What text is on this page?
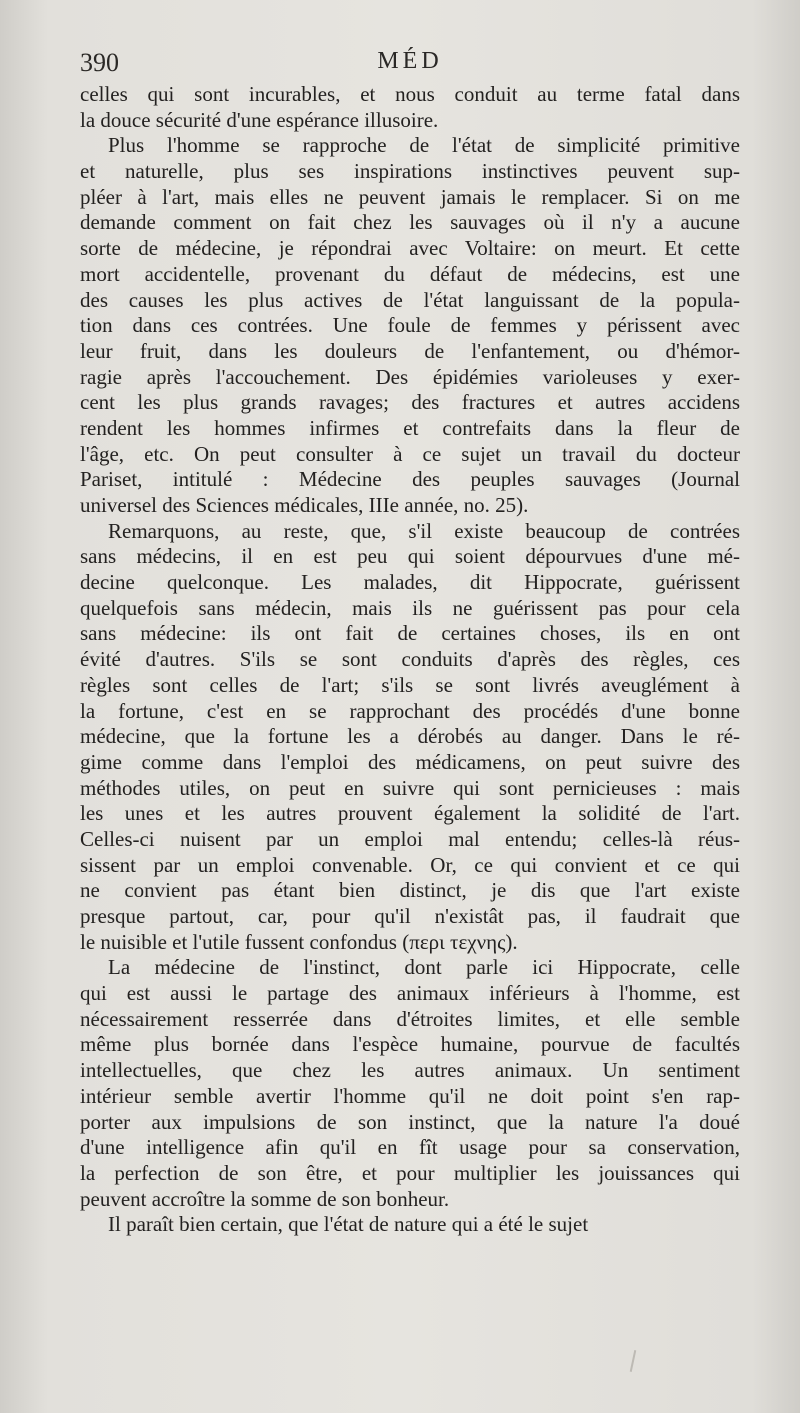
390	MÉD
celles qui sont incurables, et nous conduit au terme fatal dans
la douce sécurité d'une espérance illusoire.
Plus l'homme se rapproche de l'état de simplicité primitive
et naturelle, plus ses inspirations instinctives peuvent sup-
pléer à l'art, mais elles ne peuvent jamais le remplacer. Si on me
demande comment on fait chez les sauvages où il n'y a aucune
sorte de médecine, je répondrai avec Voltaire: on meurt. Et cette
mort accidentelle, provenant du défaut de médecins, est une
des causes les plus actives de l'état languissant de la popula-
tion dans ces contrées. Une foule de femmes y périssent avec
leur fruit, dans les douleurs de l'enfantement, ou d'hémor-
ragie après l'accouchement. Des épidémies varioleuses y exer-
cent les plus grands ravages; des fractures et autres accidens
rendent les hommes infirmes et contrefaits dans la fleur de
l'âge, etc. On peut consulter à ce sujet un travail du docteur
Pariset, intitulé : Médecine des peuples sauvages (Journal
universel des Sciences médicales, IIIe année, no. 25).
Remarquons, au reste, que, s'il existe beaucoup de contrées
sans médecins, il en est peu qui soient dépourvues d'une mé-
decine quelconque. Les malades, dit Hippocrate, guérissent
quelquefois sans médecin, mais ils ne guérissent pas pour cela
sans médecine: ils ont fait de certaines choses, ils en ont
évité d'autres. S'ils se sont conduits d'après des règles, ces
règles sont celles de l'art; s'ils se sont livrés aveuglément à
la fortune, c'est en se rapprochant des procédés d'une bonne
médecine, que la fortune les a dérobés au danger. Dans le ré-
gime comme dans l'emploi des médicamens, on peut suivre des
méthodes utiles, on peut en suivre qui sont pernicieuses : mais
les unes et les autres prouvent également la solidité de l'art.
Celles-ci nuisent par un emploi mal entendu; celles-là réus-
sissent par un emploi convenable. Or, ce qui convient et ce qui
ne convient pas étant bien distinct, je dis que l'art existe
presque partout, car, pour qu'il n'existât pas, il faudrait que
le nuisible et l'utile fussent confondus (περι τεχνης).
La médecine de l'instinct, dont parle ici Hippocrate, celle
qui est aussi le partage des animaux inférieurs à l'homme, est
nécessairement resserrée dans d'étroites limites, et elle semble
même plus bornée dans l'espèce humaine, pourvue de facultés
intellectuelles, que chez les autres animaux. Un sentiment
intérieur semble avertir l'homme qu'il ne doit point s'en rap-
porter aux impulsions de son instinct, que la nature l'a doué
d'une intelligence afin qu'il en fît usage pour sa conservation,
la perfection de son être, et pour multiplier les jouissances qui
peuvent accroître la somme de son bonheur.
Il paraît bien certain, que l'état de nature qui a été le sujet
